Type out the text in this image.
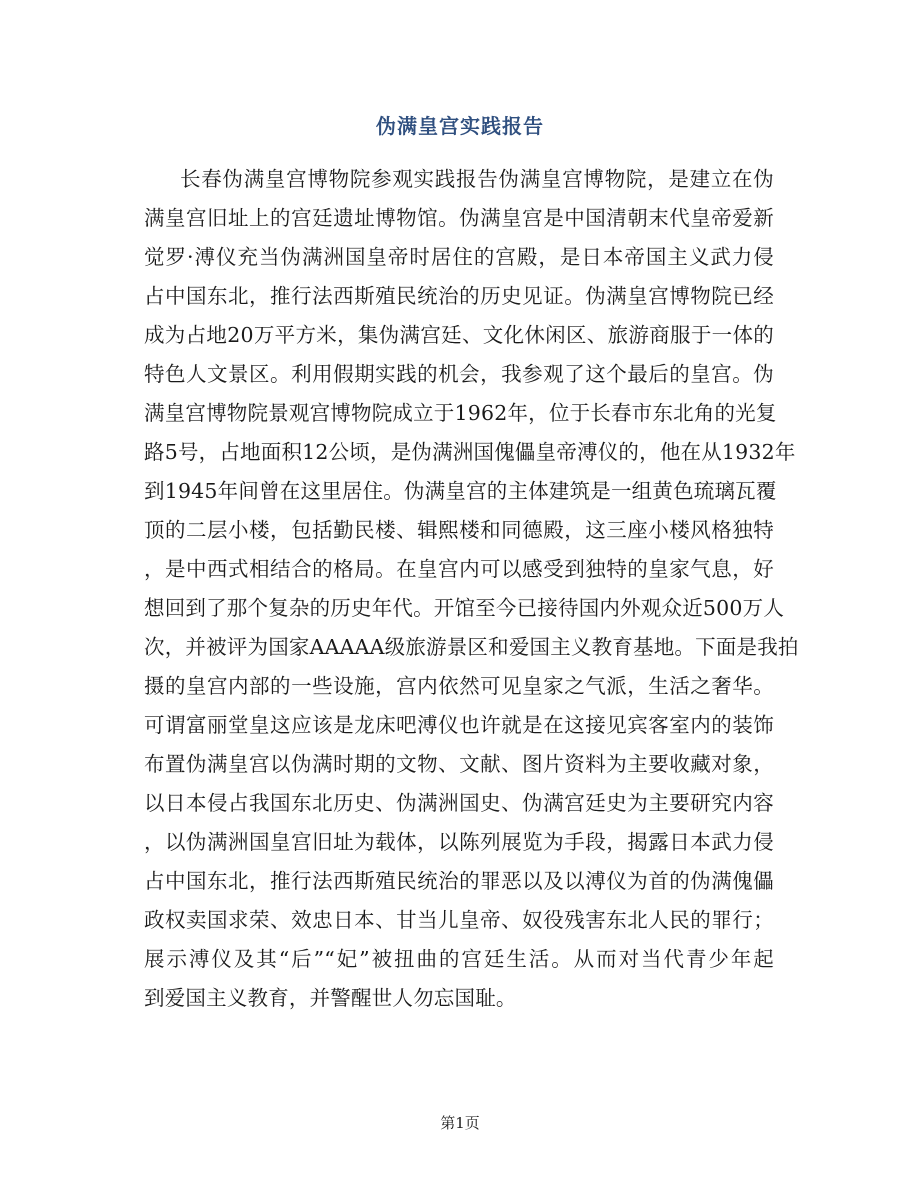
伪满皇宫实践报告
长春伪满皇宫博物院参观实践报告伪满皇宫博物院，是建立在伪
满皇宫旧址上的宫廷遗址博物馆。伪满皇宫是中国清朝末代皇帝爱新
觉罗·溥仪充当伪满洲国皇帝时居住的宫殿，是日本帝国主义武力侵
占中国东北，推行法西斯殖民统治的历史见证。伪满皇宫博物院已经
成为占地20万平方米，集伪满宫廷、文化休闲区、旅游商服于一体的
特色人文景区。利用假期实践的机会，我参观了这个最后的皇宫。伪
满皇宫博物院景观宫博物院成立于1962年，位于长春市东北角的光复
路5号，占地面积12公顷，是伪满洲国傀儡皇帝溥仪的，他在从1932年
到1945年间曾在这里居住。伪满皇宫的主体建筑是一组黄色琉璃瓦覆
顶的二层小楼，包括勤民楼、辑熙楼和同德殿，这三座小楼风格独特
，是中西式相结合的格局。在皇宫内可以感受到独特的皇家气息，好
想回到了那个复杂的历史年代。开馆至今已接待国内外观众近500万人
次，并被评为国家AAAAA级旅游景区和爱国主义教育基地。下面是我拍
摄的皇宫内部的一些设施，宫内依然可见皇家之气派，生活之奢华。
可谓富丽堂皇这应该是龙床吧溥仪也许就是在这接见宾客室内的装饰
布置伪满皇宫以伪满时期的文物、文献、图片资料为主要收藏对象，
以日本侵占我国东北历史、伪满洲国史、伪满宫廷史为主要研究内容
，以伪满洲国皇宫旧址为载体，以陈列展览为手段，揭露日本武力侵
占中国东北，推行法西斯殖民统治的罪恶以及以溥仪为首的伪满傀儡
政权卖国求荣、效忠日本、甘当儿皇帝、奴役残害东北人民的罪行；
展示溥仪及其“后”“妃”被扭曲的宫廷生活。从而对当代青少年起
到爱国主义教育，并警醒世人勿忘国耻。
第1页
